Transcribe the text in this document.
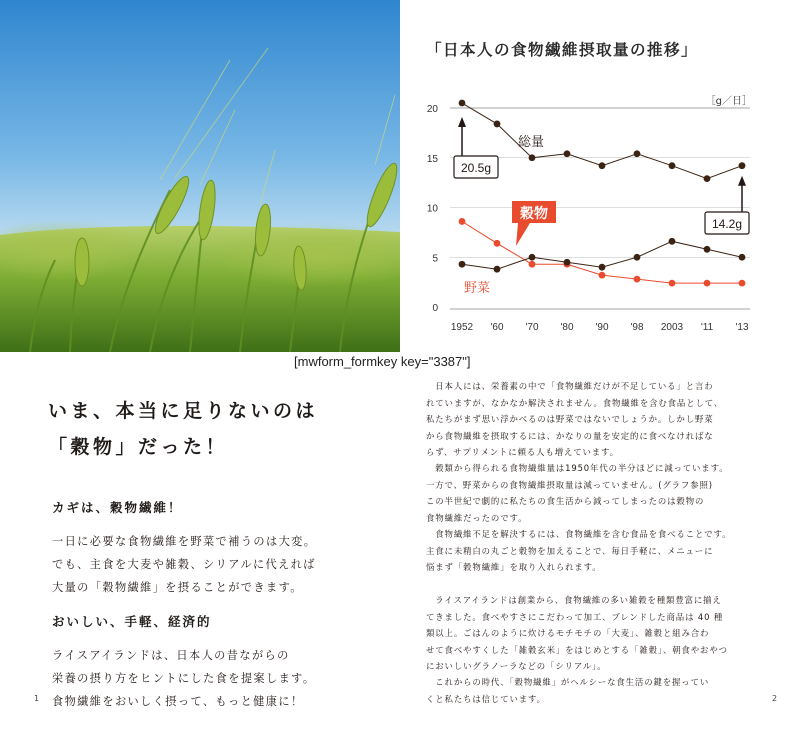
0
5
10
15
20
1952 '60 '70 '80 '90 '98 2003 '11 '13
［g／日］
総量
穀物
野菜
20.5g
14.2g
「日本人の食物繊維摂取量の推移」
[mwform_formkey key="3387"]
いま、本当に足りないのは
「穀物」だった！
カギは、穀物繊維！
一日に必要な食物繊維を野菜で補うのは大変。
でも、主食を大麦や雑穀、シリアルに代えれば
大量の「穀物繊維」を摂ることができます。
おいしい、手軽、経済的
ライスアイランドは、日本人の昔ながらの
栄養の摂り方をヒントにした食を提案します。
食物繊維をおいしく摂って、もっと健康に！
　日本人には、栄養素の中で「食物繊維だけが不足している」と言わ
れていますが、なかなか解決されません。食物繊維を含む食品として、
私たちがまず思い浮かべるのは野菜ではないでしょうか。しかし野菜
から食物繊維を摂取するには、かなりの量を安定的に食べなければな
らず、サプリメントに頼る人も増えています。
　穀類から得られる食物繊維量は1950年代の半分ほどに減っています。
一方で、野菜からの食物繊維摂取量は減っていません。(グラフ参照)
この半世紀で劇的に私たちの食生活から減ってしまったのは穀物の
食物繊維だったのです。
　食物繊維不足を解決するには、食物繊維を含む食品を食べることです。
主食に未精白の丸ごと穀物を加えることで、毎日手軽に、メニューに
悩まず「穀物繊維」を取り入れられます。
　ライスアイランドは創業から、食物繊維の多い雑穀を種類豊富に揃え
てきました。食べやすさにこだわって加工、ブレンドした商品は 40 種
類以上。ごはんのように炊けるモチモチの「大麦」、雑穀と組み合わ
せて食べやすくした「雑穀玄米」をはじめとする「雑穀」、朝食やおやつ
においしいグラノーラなどの「シリアル」。
　これからの時代、「穀物繊維」がヘルシーな食生活の鍵を握ってい
くと私たちは信じています。
1	2
